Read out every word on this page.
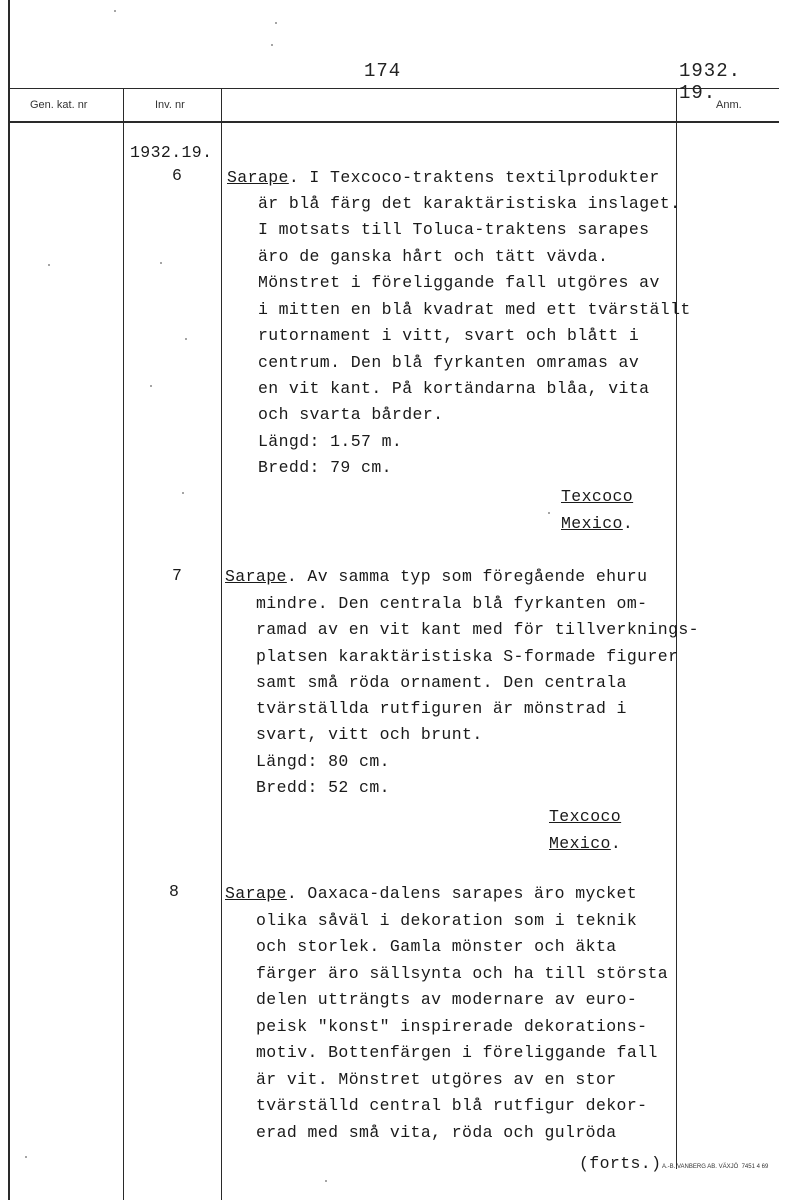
174	1932. 19.
Gen. kat. nr	Inv. nr	Anm.
1932.19.
6	Sarape. I Texcoco-traktens textilprodukter
är blå färg det karaktäristiska inslaget.
I motsats till Toluca-traktens sarapes
äro de ganska hårt och tätt vävda.
Mönstret i föreliggande fall utgöres av
i mitten en blå kvadrat med ett tvärställt
rutornament i vitt, svart och blått i
centrum. Den blå fyrkanten omramas av
en vit kant. På kortändarna blåa, vita
och svarta bårder.
Längd: 1.57 m.
Bredd: 79 cm.
Texcoco
Mexico.
7	Sarape. Av samma typ som föregående ehuru
mindre. Den centrala blå fyrkanten om-
ramad av en vit kant med för tillverknings-
platsen karaktäristiska S-formade figurer
samt små röda ornament. Den centrala
tvärställda rutfiguren är mönstrad i
svart, vitt och brunt.
Längd: 80 cm.
Bredd: 52 cm.
Texcoco
Mexico.
8	Sarape. Oaxaca-dalens sarapes äro mycket
olika såväl i dekoration som i teknik
och storlek. Gamla mönster och äkta
färger äro sällsynta och ha till största
delen utträngts av modernare av euro-
peisk "konst" inspirerade dekorations-
motiv. Bottenfärgen i föreliggande fall
är vit. Mönstret utgöres av en stor
tvärställd central blå rutfigur dekor-
erad med små vita, röda och gulröda
(forts.) A.-B. VANBERG AB. VÄXJÖ 7451 4 69
